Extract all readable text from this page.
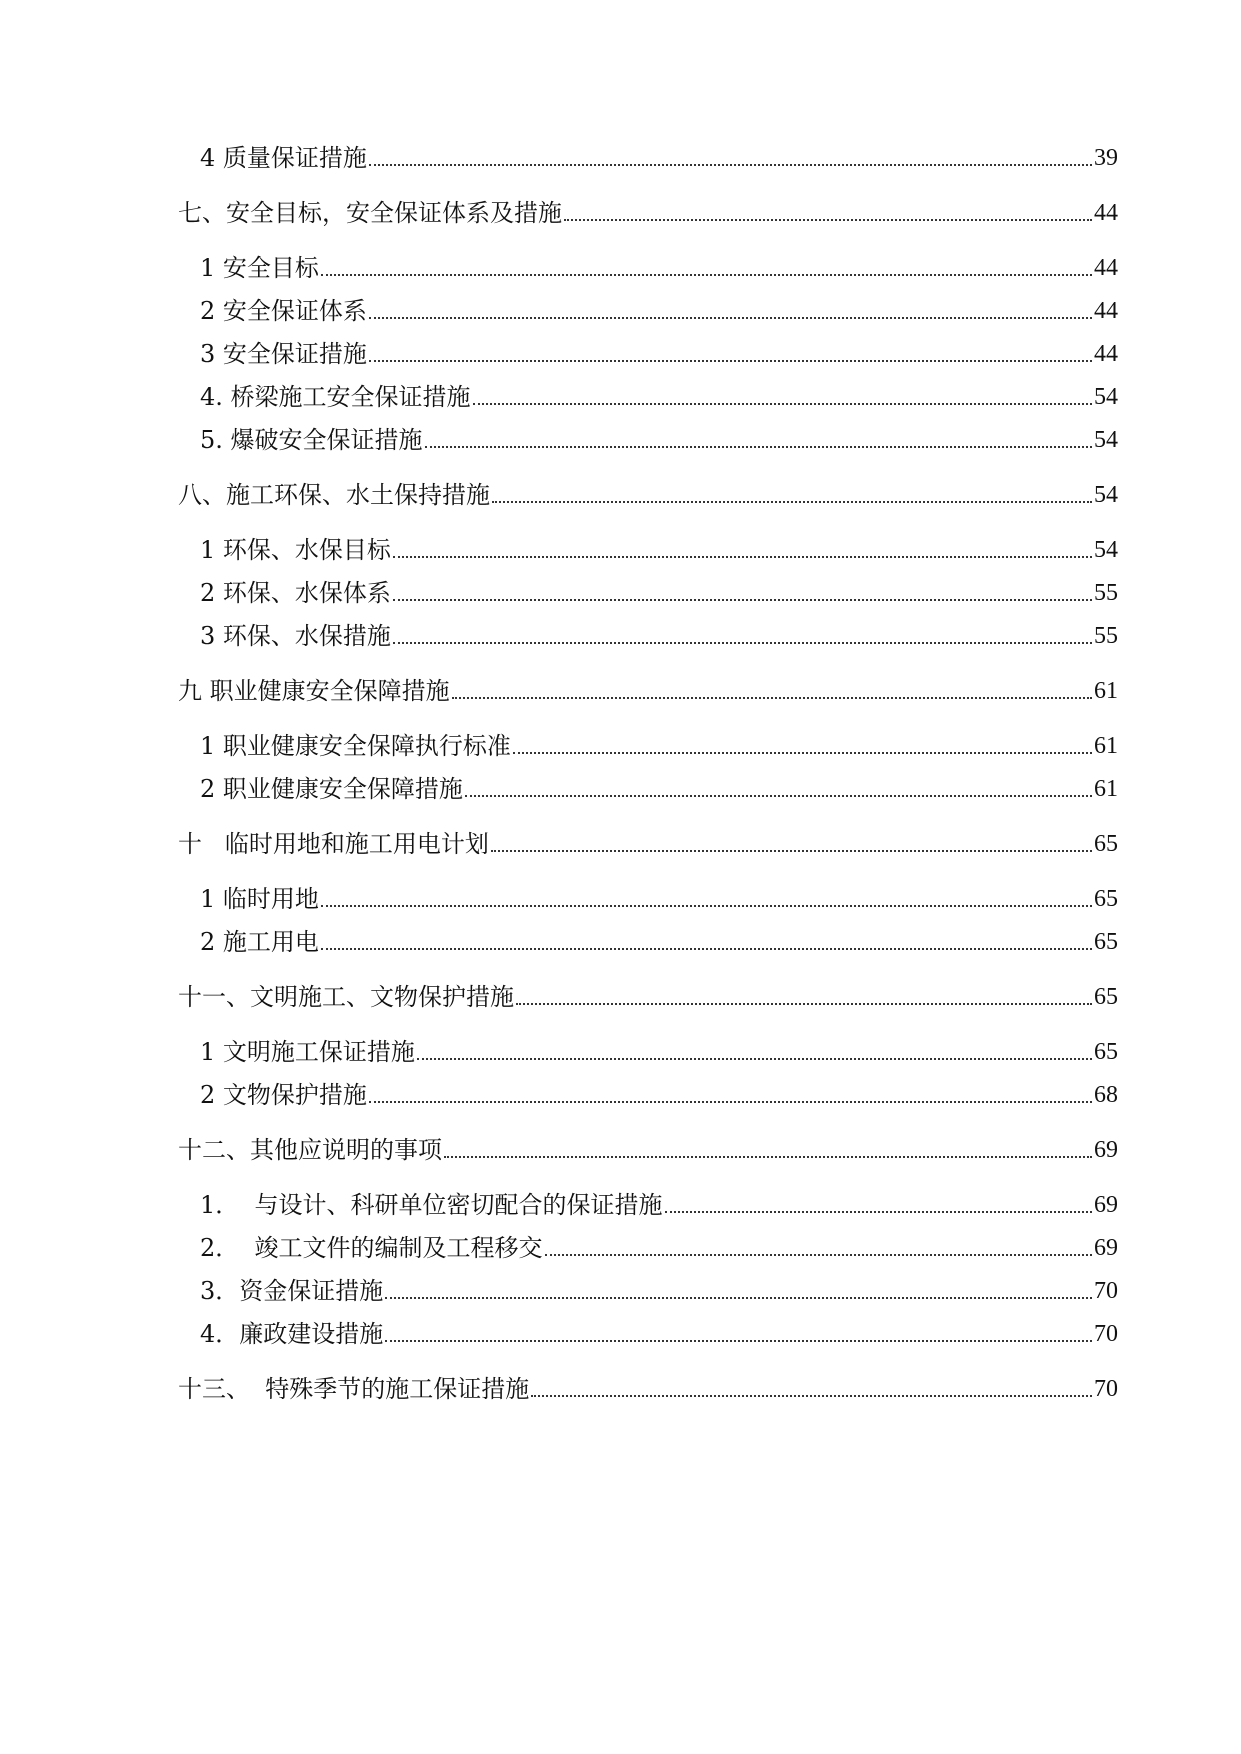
4 质量保证措施	39
七、安全目标，安全保证体系及措施	44
1 安全目标	44
2 安全保证体系	44
3 安全保证措施	44
4. 桥梁施工安全保证措施	54
5. 爆破安全保证措施	54
八、施工环保、水土保持措施	54
1 环保、水保目标	54
2 环保、水保体系	55
3 环保、水保措施	55
九 职业健康安全保障措施	61
1 职业健康安全保障执行标准	61
2 职业健康安全保障措施	61
十   临时用地和施工用电计划	65
1 临时用地	65
2 施工用电	65
十一、文明施工、文物保护措施	65
1 文明施工保证措施	65
2 文物保护措施	68
十二、其他应说明的事项	69
1．  与设计、科研单位密切配合的保证措施	69
2．  竣工文件的编制及工程移交	69
3．资金保证措施	70
4．廉政建设措施	70
十三、  特殊季节的施工保证措施	70
